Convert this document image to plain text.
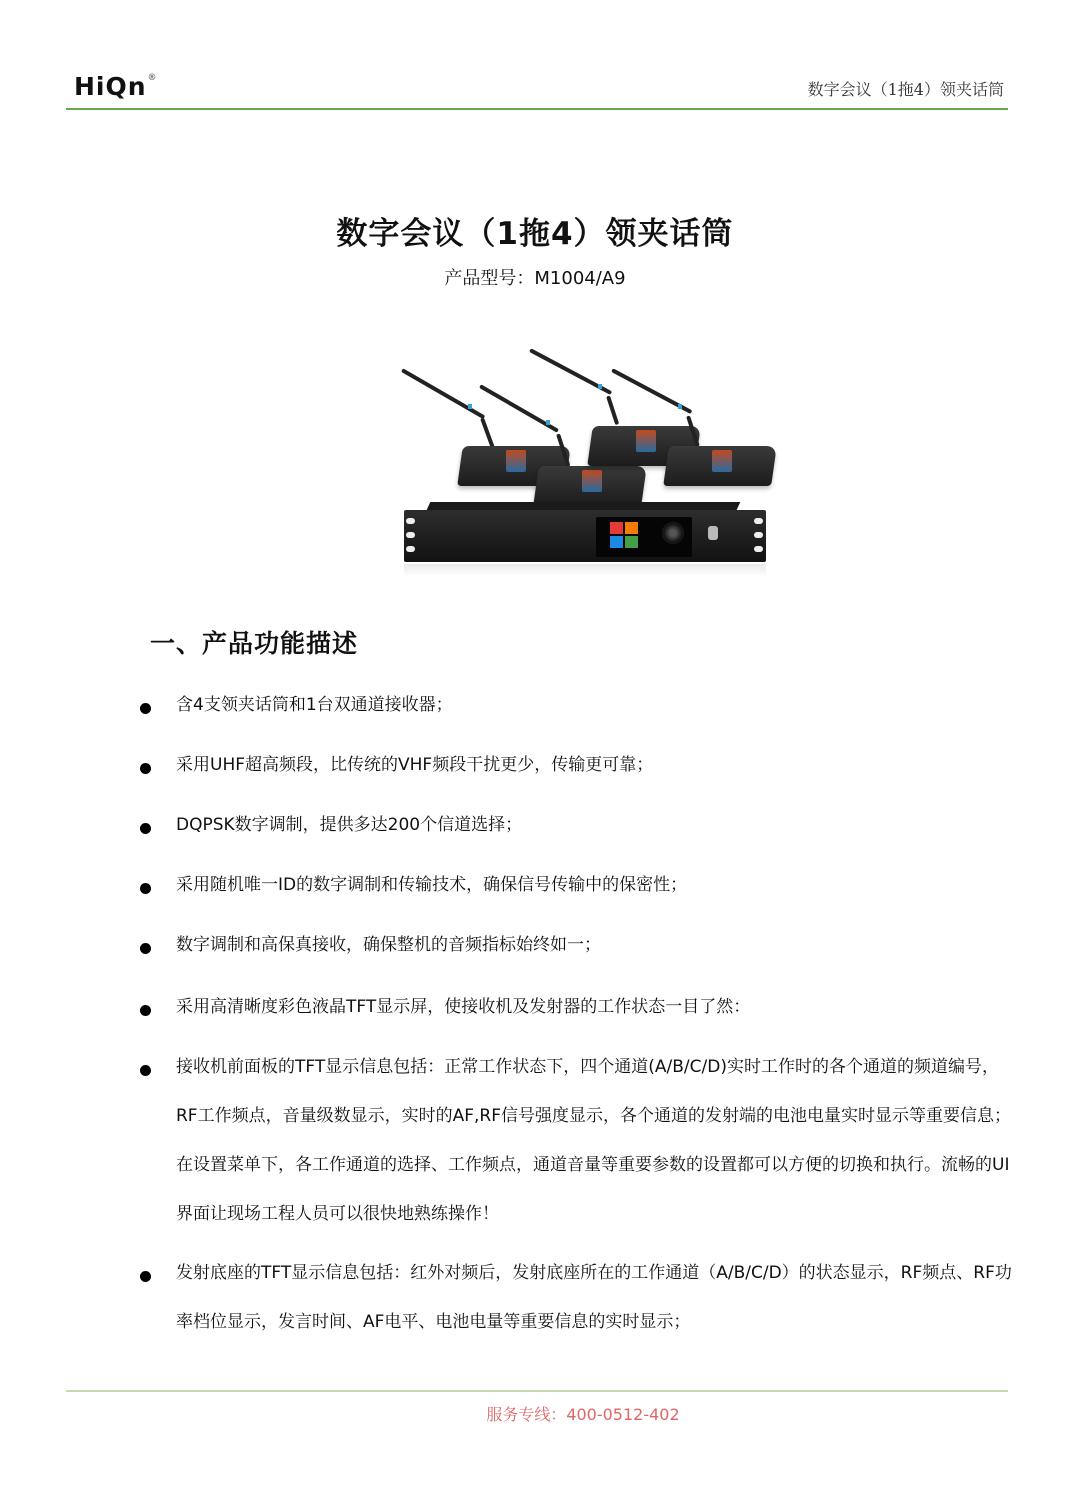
HiQn®
数字会议（1拖4）领夹话筒
数字会议（1拖4）领夹话筒
产品型号：M1004/A9
一、产品功能描述
含4支领夹话筒和1台双通道接收器；
采用UHF超高频段，比传统的VHF频段干扰更少，传输更可靠；
DQPSK数字调制，提供多达200个信道选择；
采用随机唯一ID的数字调制和传输技术，确保信号传输中的保密性；
数字调制和高保真接收，确保整机的音频指标始终如一；
采用高清晰度彩色液晶TFT显示屏，使接收机及发射器的工作状态一目了然：
接收机前面板的TFT显示信息包括：正常工作状态下，四个通道(A/B/C/D)实时工作时的各个通道的频道编号，RF工作频点，音量级数显示，实时的AF,RF信号强度显示，各个通道的发射端的电池电量实时显示等重要信息；在设置菜单下，各工作通道的选择、工作频点，通道音量等重要参数的设置都可以方便的切换和执行。流畅的UI界面让现场工程人员可以很快地熟练操作！
发射底座的TFT显示信息包括：红外对频后，发射底座所在的工作通道（A/B/C/D）的状态显示，RF频点、RF功率档位显示，发言时间、AF电平、电池电量等重要信息的实时显示；
服务专线：400-0512-402
